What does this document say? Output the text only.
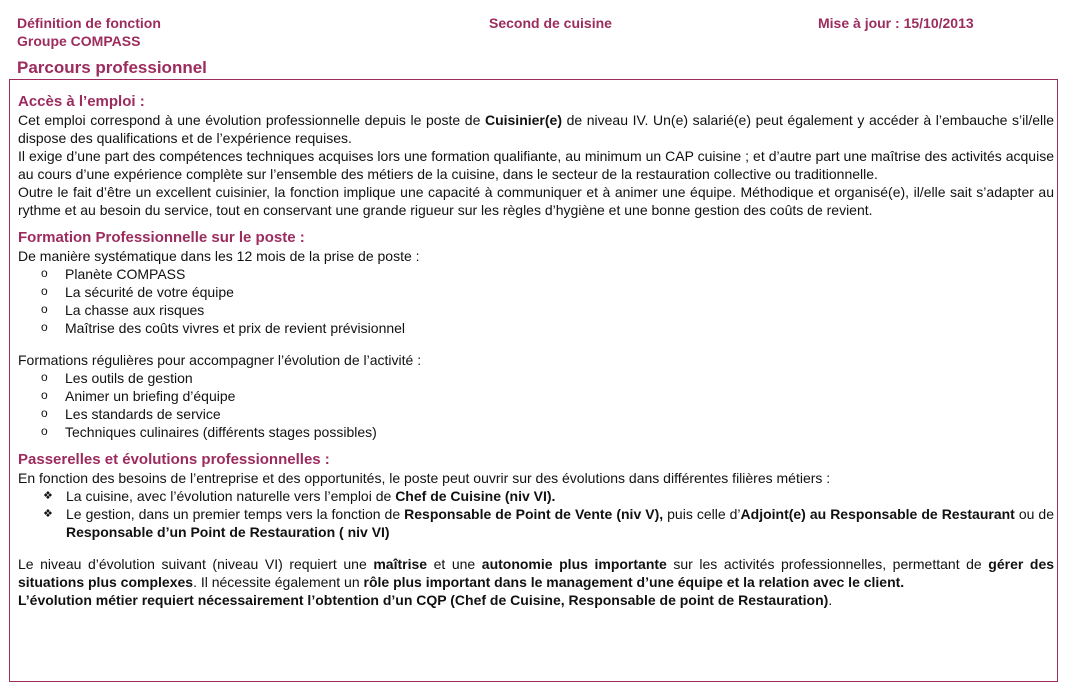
Définition de fonction
Groupe COMPASS
Second de cuisine	Mise à jour : 15/10/2013
Parcours professionnel
Accès à l’emploi :
Cet emploi correspond à une évolution professionnelle depuis le poste de Cuisinier(e) de niveau IV. Un(e) salarié(e) peut également y accéder à l’embauche s’il/elle dispose des qualifications et de l’expérience requises.
Il exige d’une part des compétences techniques acquises lors une formation qualifiante, au minimum un CAP cuisine ; et d’autre part une maîtrise des activités acquise au cours d’une expérience complète sur l’ensemble des métiers de la cuisine, dans le secteur de la restauration collective ou traditionnelle.
Outre le fait d’être un excellent cuisinier, la fonction implique une capacité à communiquer et à animer une équipe. Méthodique et organisé(e), il/elle sait s’adapter au rythme et au besoin du service, tout en conservant une grande rigueur sur les règles d’hygiène et une bonne gestion des coûts de revient.
Formation Professionnelle sur le poste :
De manière systématique dans les 12 mois de la prise de poste :
o Planète COMPASS
o La sécurité de votre équipe
o La chasse aux risques
o Maîtrise des coûts vivres et prix de revient prévisionnel
Formations régulières pour accompagner l’évolution de l’activité :
o Les outils de gestion
o Animer un briefing d’équipe
o Les standards de service
o Techniques culinaires (différents stages possibles)
Passerelles et évolutions professionnelles :
En fonction des besoins de l’entreprise et des opportunités, le poste peut ouvrir sur des évolutions dans différentes filières métiers :
❖ La cuisine, avec l’évolution naturelle vers l’emploi de Chef de Cuisine (niv VI).
❖ Le gestion, dans un premier temps vers la fonction de Responsable de Point de Vente (niv V), puis celle d’Adjoint(e) au Responsable de Restaurant ou de Responsable d’un Point de Restauration ( niv VI)
Le niveau d’évolution suivant (niveau VI) requiert une maîtrise et une autonomie plus importante sur les activités professionnelles, permettant de gérer des situations plus complexes. Il nécessite également un rôle plus important dans le management d’une équipe et la relation avec le client.
L’évolution métier requiert nécessairement l’obtention d’un CQP (Chef de Cuisine, Responsable de point de Restauration).
